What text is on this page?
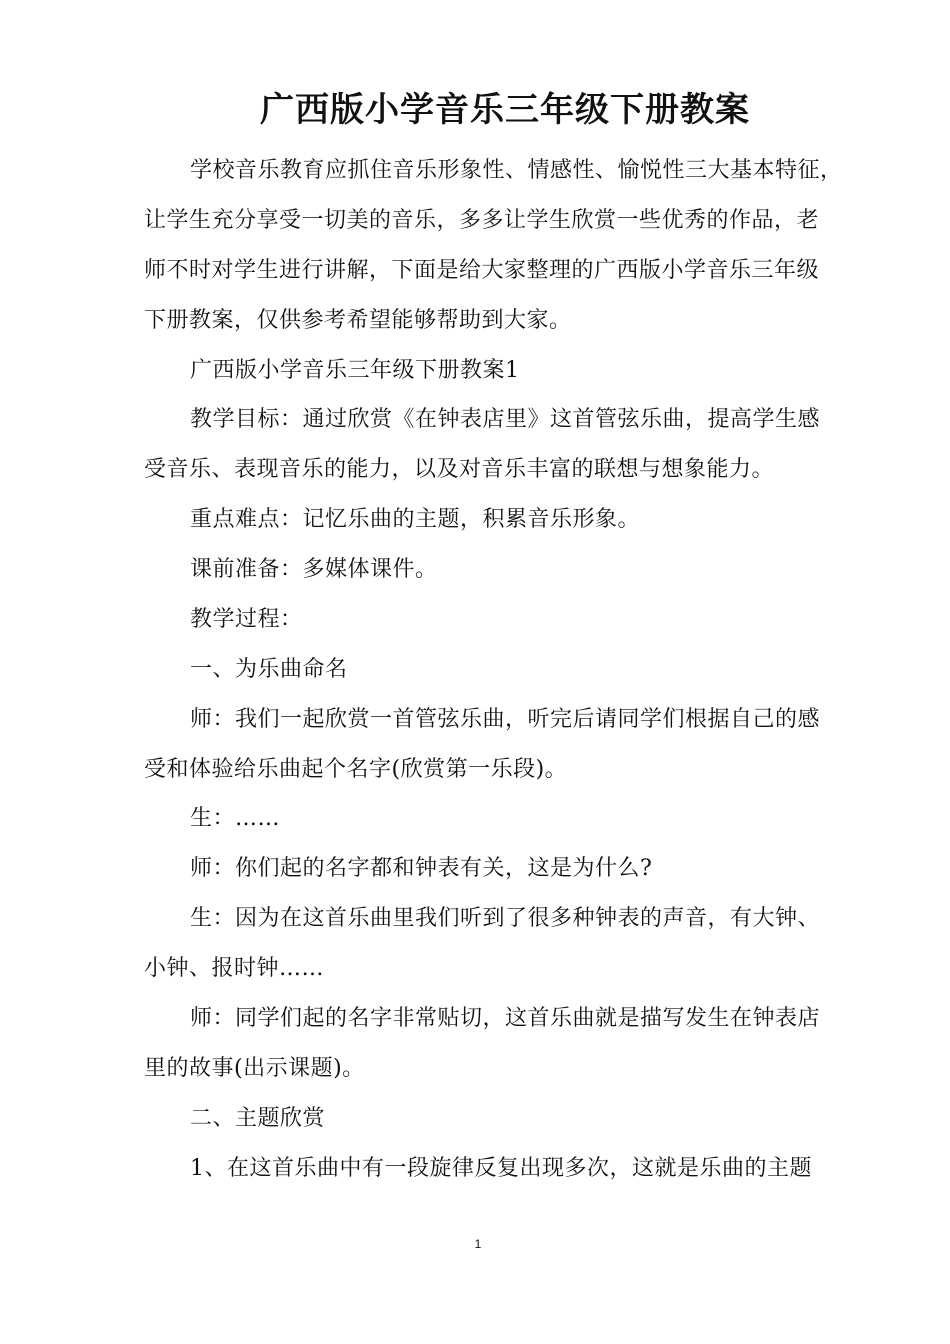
广西版小学音乐三年级下册教案
学校音乐教育应抓住音乐形象性、情感性、愉悦性三大基本特征，
让学生充分享受一切美的音乐，多多让学生欣赏一些优秀的作品，老
师不时对学生进行讲解，下面是给大家整理的广西版小学音乐三年级
下册教案，仅供参考希望能够帮助到大家。
广西版小学音乐三年级下册教案1
教学目标：通过欣赏《在钟表店里》这首管弦乐曲，提高学生感
受音乐、表现音乐的能力，以及对音乐丰富的联想与想象能力。
重点难点：记忆乐曲的主题，积累音乐形象。
课前准备：多媒体课件。
教学过程：
一、为乐曲命名
师：我们一起欣赏一首管弦乐曲，听完后请同学们根据自己的感
受和体验给乐曲起个名字(欣赏第一乐段)。
生：……
师：你们起的名字都和钟表有关，这是为什么?
生：因为在这首乐曲里我们听到了很多种钟表的声音，有大钟、
小钟、报时钟……
师：同学们起的名字非常贴切，这首乐曲就是描写发生在钟表店
里的故事(出示课题)。
二、主题欣赏
1、在这首乐曲中有一段旋律反复出现多次，这就是乐曲的主题
1
